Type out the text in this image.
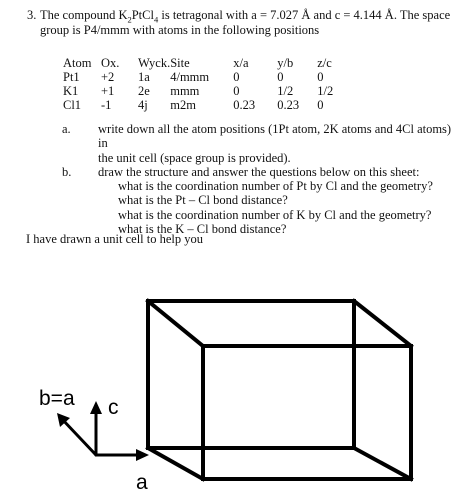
3. The compound $K_2PtCl_4$ is tetragonal with a = 7.027 Å and c = 4.144 Å. The space group is P4/mmm with atoms in the following positions
Atom	Ox.	Wyck.	Site	x/a	y/b	z/c
Pt1	+2	1a	4/mmm	0	0	0
K1	+1	2e	mmm	0	1/2	1/2
Cl1	-1	4j	m2m	0.23	0.23	0
a. write down all the atom positions (1Pt atom, 2K atoms and 4Cl atoms) in
the unit cell (space group is provided).
b. draw the structure and answer the questions below on this sheet:
what is the coordination number of Pt by Cl and the geometry?
what is the Pt – Cl bond distance?
what is the coordination number of K by Cl and the geometry?
what is the K – Cl bond distance?
I have drawn a unit cell to help you
b=a c
a
